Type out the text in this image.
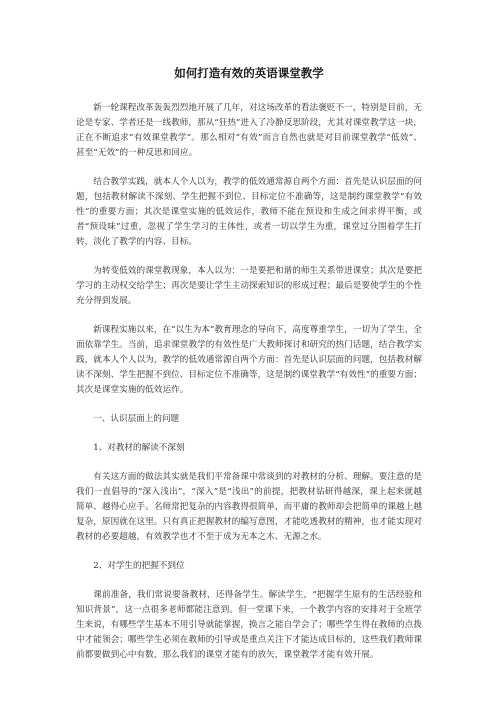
如何打造有效的英语课堂教学
新一轮课程改革轰轰烈烈地开展了几年，对这场改革的看法褒贬不一，特别是目前，无论是专家、学者还是一线教师，那从“狂热”进入了冷静反思阶段，尤其对课堂教学这一块，正在不断追求“有效课堂教学”。那么相对“有效”而言自然也就是对目前课堂教学“低效”、甚至“无效”的一种反思和回应。
结合教学实践，就本人个人以为，教学的低效通常源自两个方面：首先是认识层面的问题，包括教材解读不深刻、学生把握不到位、目标定位不准确等，这是制约课堂教学“有效性”的重要方面；其次是课堂实施的低效运作，教师不能在预设和生成之间求得平衡，或者“预设味”过重，忽视了学生学习的主体性，或者一切以学生为重，课堂过分围着学生打转，淡化了教学的内容、目标。
为转变低效的课堂教现象，本人以为：一是要把和谐的师生关系带进课堂；其次是要把学习的主动权交给学生；再次是要让学生主动探索知识的形成过程；最后是要使学生的个性充分得到发展。
新课程实施以来，在“以生为本”教育理念的导向下，高度尊重学生，一切为了学生，全面依靠学生。当前，追求课堂教学的有效性是广大教师探讨和研究的热门话题，结合教学实践，就本人个人以为，教学的低效通常源自两个方面：首先是认识层面的问题，包括教材解读不深刻、学生把握不到位、目标定位不准确等，这是制约课堂教学“有效性”的重要方面；其次是课堂实施的低效运作。
一、认识层面上的问题
1、对教材的解读不深刻
有关这方面的做法其实就是我们平常备课中常谈到的对教材的分析、理解。要注意的是我们一直倡导的“深入浅出”，“深入”是“浅出”的前提，把教材钻研得越深，课上起来就越简单、越得心应手。名师常把复杂的内容教得很简单，而平庸的教师却会把简单的课越上越复杂，原因就在这里。只有真正把握教材的编写意图，才能吃透教材的精神，也才能实现对教材的必要超越，有效教学也才不至于成为无本之木、无源之水。
2、对学生的把握不到位
课前准备，我们常说要备教材，还得备学生。解读学生，“把握学生原有的生活经验和知识背景”，这一点很多老师都能注意到。但一堂课下来，一个教学内容的安排对于全班学生来说，有哪些学生基本不用引导就能掌握，换言之能自学会了；哪些学生得在教师的点拨中才能领会；哪些学生必须在教师的引导或是重点关注下才能达成目标的，这些我们教师课前都要做到心中有数，那么我们的课堂才能有的放矢，课堂教学才能有效开展。
